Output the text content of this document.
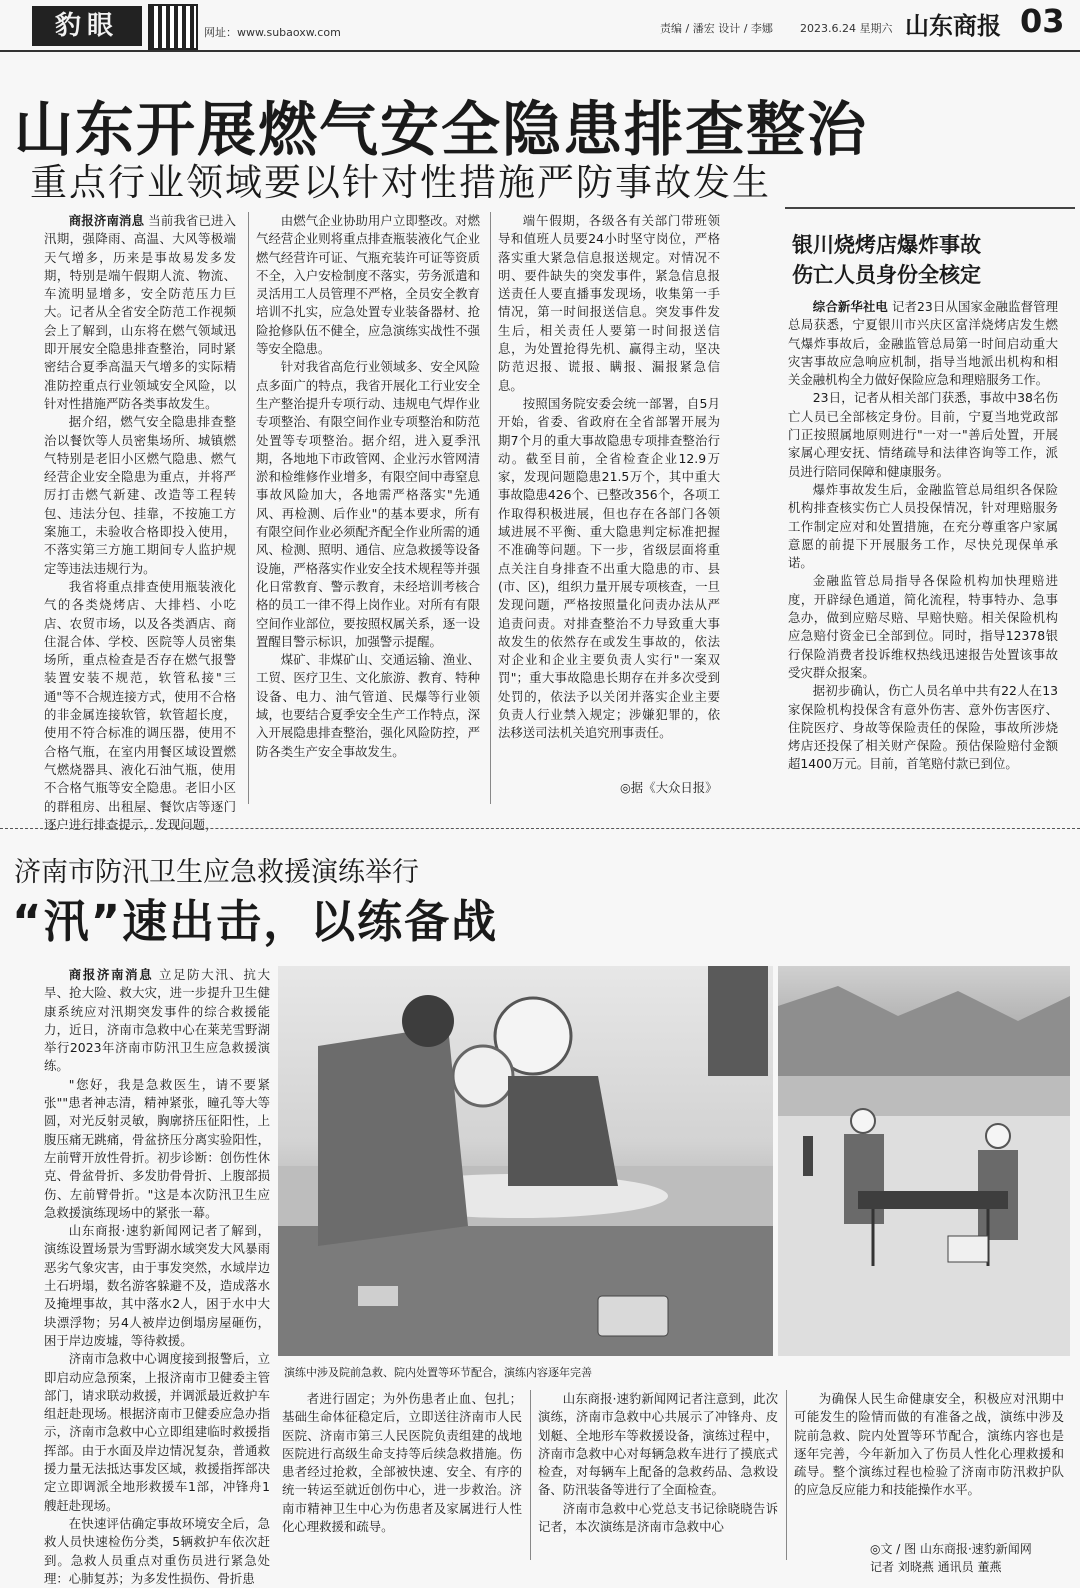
豹眼	网址：www.subaoxw.com	责编 / 潘宏 设计 / 李娜 2023.6.24 星期六 山东商报 03
山东开展燃气安全隐患排查整治
重点行业领域要以针对性措施严防事故发生

商报济南消息 当前我省已进入汛期，强降雨、高温、大风等极端天气增多，历来是事故易发多发期，特别是端午假期人流、物流、车流明显增多，安全防范压力巨大。记者从全省安全防范工作视频会上了解到，山东将在燃气领域迅即开展安全隐患排查整治，同时紧密结合夏季高温天气增多的实际精准防控重点行业领域安全风险，以针对性措施严防各类事故发生。

据介绍，燃气安全隐患排查整治以餐饮等人员密集场所、城镇燃气特别是老旧小区燃气隐患、燃气经营企业安全隐患为重点，并将严厉打击燃气新建、改造等工程转包、违法分包、挂靠，不按施工方案施工，未验收合格即投入使用，不落实第三方施工期间专人监护规定等违法违规行为。

我省将重点排查使用瓶装液化气的各类烧烤店、大排档、小吃店、农贸市场，以及各类酒店、商住混合体、学校、医院等人员密集场所，重点检查是否存在燃气报警装置安装不规范，软管私接"三通"等不合规连接方式，使用不合格的非金属连接软管，软管超长度，使用不符合标准的调压器，使用不合格气瓶，在室内用餐区域设置燃气燃烧器具、液化石油气瓶，使用不合格气瓶等安全隐患。老旧小区的群租房、出租屋、餐饮店等逐门逐户进行排查提示，发现问题，

由燃气企业协助用户立即整改。对燃气经营企业则将重点排查瓶装液化气企业燃气经营许可证、气瓶充装许可证等资质不全，入户安检制度不落实，劳务派遣和灵活用工人员管理不严格，全员安全教育培训不扎实，应急处置专业装备器材、抢险抢修队伍不健全，应急演练实战性不强等安全隐患。

针对我省高危行业领域多、安全风险点多面广的特点，我省开展化工行业安全生产整治提升专项行动、违规电气焊作业专项整治、有限空间作业专项整治和防范处置等专项整治。据介绍，进入夏季汛期，各地地下市政管网、企业污水管网清淤和检维修作业增多，有限空间中毒窒息事故风险加大，各地需严格落实"先通风、再检测、后作业"的基本要求，所有有限空间作业必须配齐配全作业所需的通风、检测、照明、通信、应急救援等设备设施，严格落实作业安全技术规程等并强化日常教育、警示教育，未经培训考核合格的员工一律不得上岗作业。对所有有限空间作业部位，要按照权属关系，逐一设置醒目警示标识，加强警示提醒。

煤矿、非煤矿山、交通运输、渔业、工贸、医疗卫生、文化旅游、教育、特种设备、电力、油气管道、民爆等行业领域，也要结合夏季安全生产工作特点，深入开展隐患排查整治，强化风险防控，严防各类生产安全事故发生。

端午假期，各级各有关部门带班领导和值班人员要24小时坚守岗位，严格落实重大紧急信息报送规定。对情况不明、要件缺失的突发事件，紧急信息报送责任人要直播事发现场，收集第一手情况，第一时间报送信息。突发事件发生后，相关责任人要第一时间报送信息，为处置抢得先机、赢得主动，坚决防范迟报、谎报、瞒报、漏报紧急信息。

按照国务院安委会统一部署，自5月开始，省委、省政府在全省部署开展为期7个月的重大事故隐患专项排查整治行动。截至目前，全省检查企业12.9万家，发现问题隐患21.5万个，其中重大事故隐患426个、已整改356个，各项工作取得积极进展，但也存在各部门各领域进展不平衡、重大隐患判定标准把握不准确等问题。下一步，省级层面将重点关注自身排查不出重大隐患的市、县(市、区)，组织力量开展专项核查，一旦发现问题，严格按照量化问责办法从严追责问责。对排查整治不力导致重大事故发生的依然存在或发生事故的，依法对企业和企业主要负责人实行"一案双罚"；重大事故隐患长期存在并多次受到处罚的，依法予以关闭并落实企业主要负责人行业禁入规定；涉嫌犯罪的，依法移送司法机关追究刑事责任。

◎据《大众日报》
银川烧烤店爆炸事故
伤亡人员身份全核定

综合新华社电 记者23日从国家金融监督管理总局获悉，宁夏银川市兴庆区富洋烧烤店发生燃气爆炸事故后，金融监管总局第一时间启动重大灾害事故应急响应机制，指导当地派出机构和相关金融机构全力做好保险应急和理赔服务工作。

23日，记者从相关部门获悉，事故中38名伤亡人员已全部核定身份。目前，宁夏当地党政部门正按照属地原则进行"一对一"善后处置，开展家属心理安抚、情绪疏导和法律咨询等工作，派员进行陪同保障和健康服务。

爆炸事故发生后，金融监管总局组织各保险机构排查核实伤亡人员投保情况，针对理赔服务工作制定应对和处置措施，在充分尊重客户家属意愿的前提下开展服务工作，尽快兑现保单承诺。

金融监管总局指导各保险机构加快理赔进度，开辟绿色通道，简化流程，特事特办、急事急办，做到应赔尽赔、早赔快赔。相关保险机构应急赔付资金已全部到位。同时，指导12378银行保险消费者投诉维权热线迅速报告处置该事故受灾群众报案。

据初步确认，伤亡人员名单中共有22人在13家保险机构投保含有意外伤害、意外伤害医疗、住院医疗、身故等保险责任的保险，事故所涉烧烤店还投保了相关财产保险。预估保险赔付金额超1400万元。目前，首笔赔付款已到位。

济南市防汛卫生应急救援演练举行
“汛”速出击，以练备战
演练中涉及院前急救、院内处置等环节配合，演练内容逐年完善

商报济南消息 立足防大汛、抗大旱、抢大险、救大灾，进一步提升卫生健康系统应对汛期突发事件的综合救援能力，近日，济南市急救中心在莱芜雪野湖举行2023年济南市防汛卫生应急救援演练。

"您好，我是急救医生，请不要紧张""患者神志清，精神紧张，瞳孔等大等圆，对光反射灵敏，胸廓挤压征阳性，上腹压痛无跳痛，骨盆挤压分离实验阳性，左前臂开放性骨折。初步诊断：创伤性休克、骨盆骨折、多发肋骨骨折、上腹部损伤、左前臂骨折。"这是本次防汛卫生应急救援演练现场中的紧张一幕。

山东商报·速豹新闻网记者了解到，演练设置场景为雪野湖水域突发大风暴雨恶劣气象灾害，由于事发突然，水域岸边土石坍塌，数名游客躲避不及，造成落水及掩埋事故，其中落水2人，困于水中大块漂浮物；另4人被岸边倒塌房屋砸伤，困于岸边废墟，等待救援。

济南市急救中心调度接到报警后，立即启动应急预案，上报济南市卫健委主管部门，请求联动救援，并调派最近救护车组赶赴现场。根据济南市卫健委应急办指示，济南市急救中心立即组建临时救援指挥部。由于水面及岸边情况复杂，普通救援力量无法抵达事发区域，救援指挥部决定立即调派全地形救援车1部，冲锋舟1艘赶赴现场。

在快速评估确定事故环境安全后，急救人员快速检伤分类，5辆救护车依次赶到。急救人员重点对重伤员进行紧急处理：心肺复苏；为多发性损伤、骨折患

者进行固定；为外伤患者止血、包扎；基础生命体征稳定后，立即送往济南市人民医院、济南市第三人民医院负责组建的战地医院进行高级生命支持等后续急救措施。伤患者经过抢救，全部被快速、安全、有序的统一转运至就近创伤中心，进一步救治。济南市精神卫生中心为伤患者及家属进行人性化心理救援和疏导。

山东商报·速豹新闻网记者注意到，此次演练，济南市急救中心共展示了冲锋舟、皮划艇、全地形车等救援设备，演练过程中，济南市急救中心对每辆急救车进行了摸底式检查，对每辆车上配备的急救药品、急救设备、防汛装备等进行了全面检查。

济南市急救中心党总支书记徐晓晓告诉记者，本次演练是济南市急救中心

为确保人民生命健康安全，积极应对汛期中可能发生的险情而做的有准备之战，演练中涉及院前急救、院内处置等环节配合，演练内容也是逐年完善，今年新加入了伤员人性化心理救援和疏导。整个演练过程也检验了济南市防汛救护队的应急反应能力和技能操作水平。

◎文 / 图 山东商报·速豹新闻网
记者 刘晓燕 通讯员 董燕
